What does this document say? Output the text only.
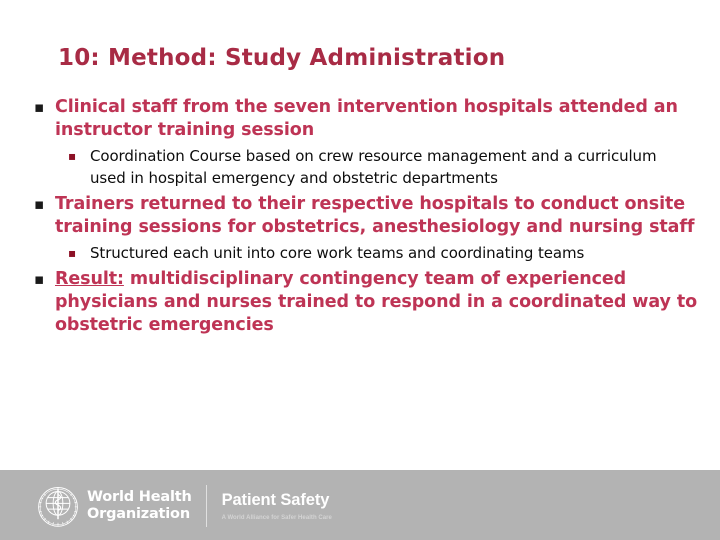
10: Method: Study Administration
▪ Clinical staff from the seven intervention hospitals attended an instructor training session
▪ Coordination Course based on crew resource management and a curriculum used in hospital emergency and obstetric departments
▪ Trainers returned to their respective hospitals to conduct onsite training sessions for obstetrics, anesthesiology and nursing staff
▪ Structured each unit into core work teams and coordinating teams
▪ Result: multidisciplinary contingency team of experienced physicians and nurses trained to respond in a coordinated way to obstetric emergencies
World Health
Organization
Patient Safety
A World Alliance for Safer Health Care
